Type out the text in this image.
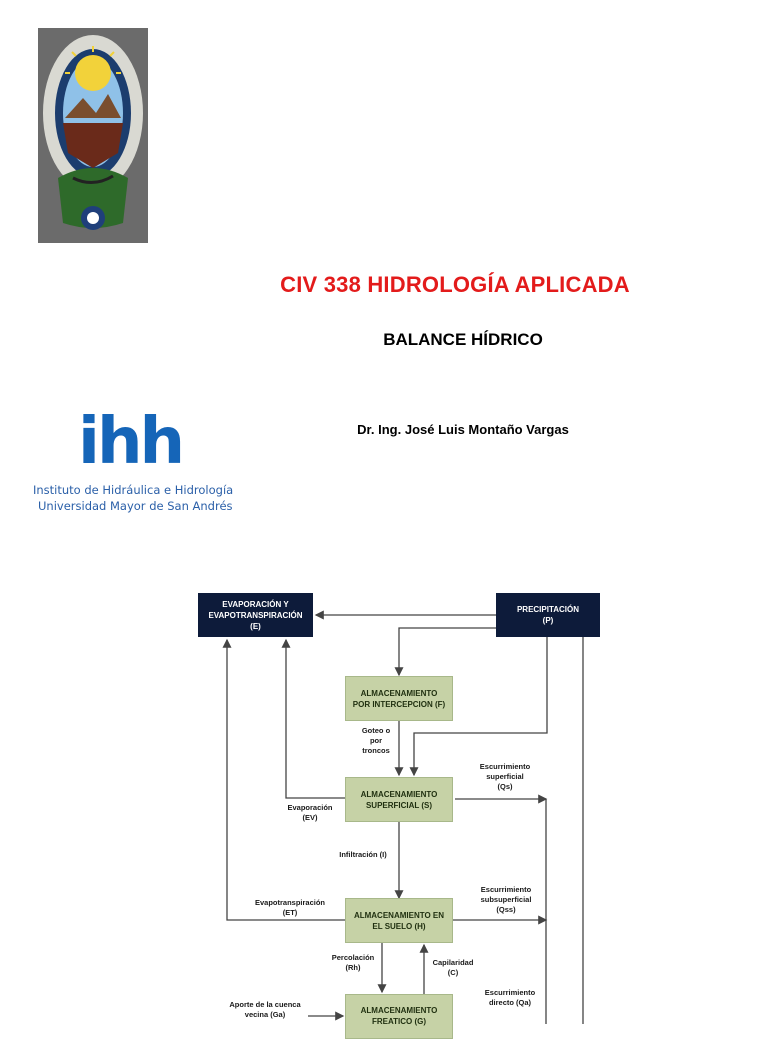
CIV 338 HIDROLOGÍA APLICADA
BALANCE HÍDRICO
Dr. Ing. José Luis Montaño Vargas
ihh
Instituto de Hidráulica e Hidrología
Universidad Mayor de San Andrés
EVAPORACIÓN Y
EVAPOTRANSPIRACIÓN
(E)
PRECIPITACIÓN
(P)
ALMACENAMIENTO
POR INTERCEPCION (F)
ALMACENAMIENTO
SUPERFICIAL (S)
ALMACENAMIENTO EN
EL SUELO (H)
ALMACENAMIENTO
FREATICO (G)
Goteo o
por
troncos
Escurrimiento
superficial
(Qs)
Evaporación
(EV)
Infiltración (I)
Evapotranspiración
(ET)
Escurrimiento
subsuperficial
(Qss)
Percolación
(Rh)
Capilaridad
(C)
Escurrimiento
directo (Qa)
Aporte de la cuenca
vecina (Ga)
